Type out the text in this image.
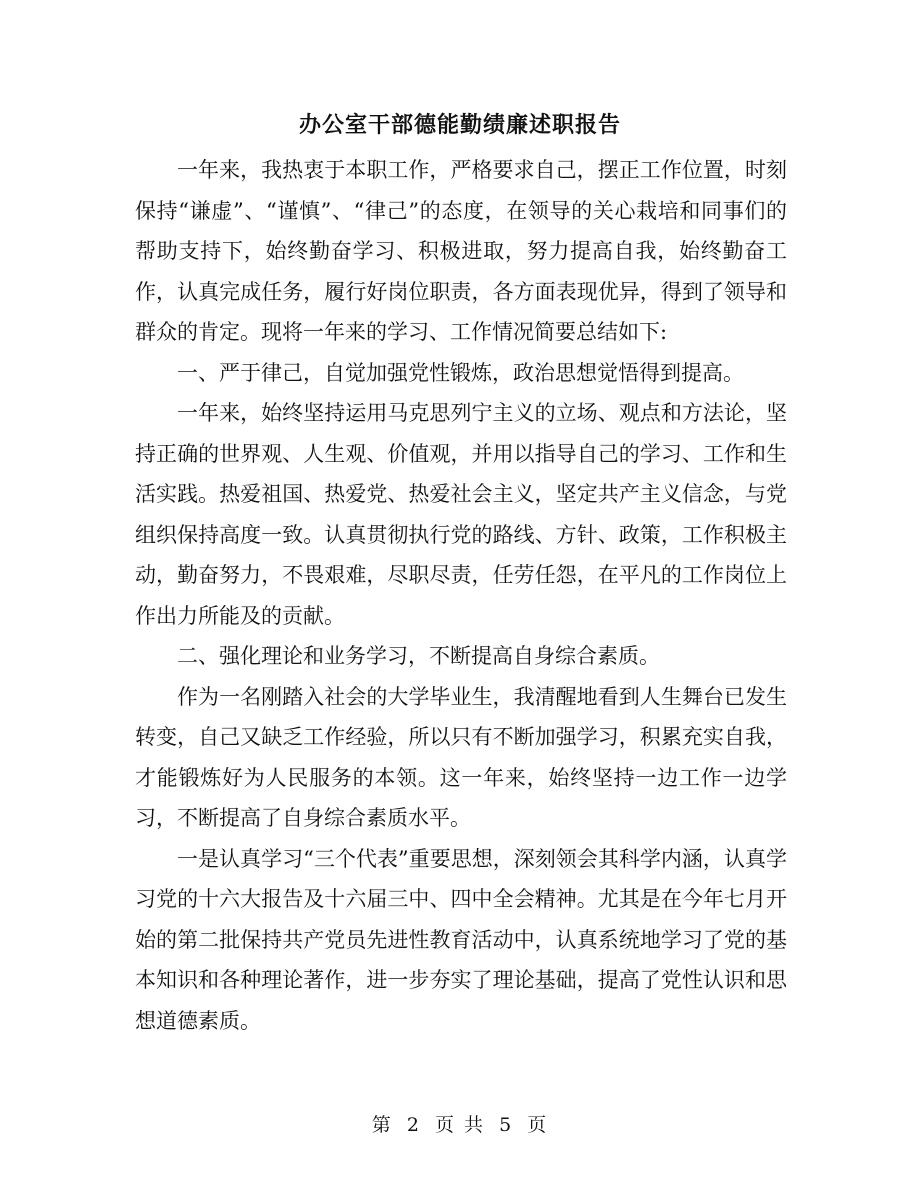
办公室干部德能勤绩廉述职报告

一年来，我热衷于本职工作，严格要求自己，摆正工作位置，时刻保持“谦虚”、“谨慎”、“律己”的态度，在领导的关心栽培和同事们的帮助支持下，始终勤奋学习、积极进取，努力提高自我，始终勤奋工作，认真完成任务，履行好岗位职责，各方面表现优异，得到了领导和群众的肯定。现将一年来的学习、工作情况简要总结如下:

一、严于律己，自觉加强党性锻炼，政治思想觉悟得到提高。

一年来，始终坚持运用马克思列宁主义的立场、观点和方法论，坚持正确的世界观、人生观、价值观，并用以指导自己的学习、工作和生活实践。热爱祖国、热爱党、热爱社会主义，坚定共产主义信念，与党组织保持高度一致。认真贯彻执行党的路线、方针、政策，工作积极主动，勤奋努力，不畏艰难，尽职尽责，任劳任怨，在平凡的工作岗位上作出力所能及的贡献。

二、强化理论和业务学习，不断提高自身综合素质。

作为一名刚踏入社会的大学毕业生，我清醒地看到人生舞台已发生转变，自己又缺乏工作经验，所以只有不断加强学习，积累充实自我，才能锻炼好为人民服务的本领。这一年来，始终坚持一边工作一边学习，不断提高了自身综合素质水平。

一是认真学习“三个代表”重要思想，深刻领会其科学内涵，认真学习党的十六大报告及十六届三中、四中全会精神。尤其是在今年七月开始的第二批保持共产党员先进性教育活动中，认真系统地学习了党的基本知识和各种理论著作，进一步夯实了理论基础，提高了党性认识和思想道德素质。

第 2 页 共 5 页
